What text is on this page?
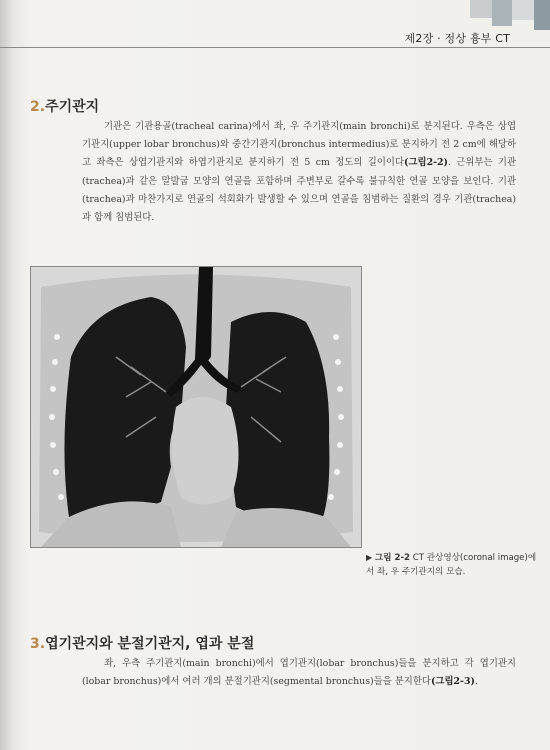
제2장 · 정상 흉부 CT
2.주기관지

기관은 기관용골(tracheal carina)에서 좌, 우 주기관지(main bronchi)로 분지된다. 우측은 상엽기관지(upper lobar bronchus)와 중간기관지(bronchus intermedius)로 분지하기 전 2 cm에 해당하고 좌측은 상엽기관지와 하엽기관지로 분지하기 전 5 cm 정도의 길이이다(그림2-2). 근위부는 기관(trachea)과 같은 말발굽 모양의 연골을 포함하며 주변부로 갈수록 불규칙한 연골 모양을 보인다. 기관(trachea)과 마찬가지로 연골의 석회화가 발생할 수 있으며 연골을 침범하는 질환의 경우 기관(trachea)과 함께 침범된다.

▶ 그림 2-2 CT 관상영상(coronal image)에서 좌, 우 주기관지의 모습.
3.엽기관지와 분절기관지, 엽과 분절

좌, 우측 주기관지(main bronchi)에서 엽기관지(lobar bronchus)들을 분지하고 각 엽기관지(lobar bronchus)에서 여러 개의 분절기관지(segmental bronchus)들을 분지한다(그림2-3).
